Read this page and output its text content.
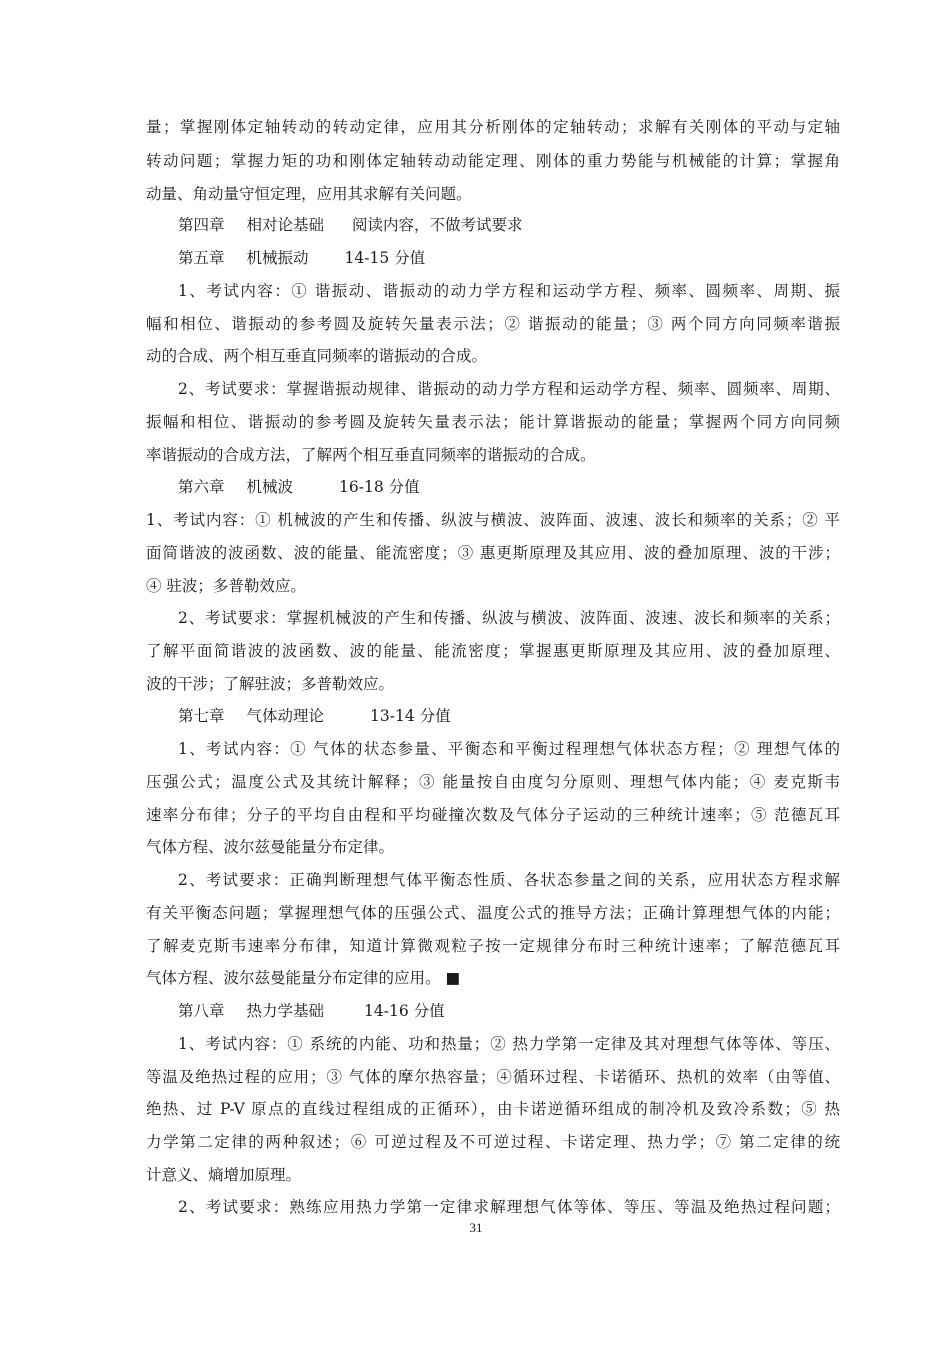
量；掌握刚体定轴转动的转动定律，应用其分析刚体的定轴转动；求解有关刚体的平动与定轴
转动问题；掌握力矩的功和刚体定轴转动动能定理、刚体的重力势能与机械能的计算；掌握角
动量、角动量守恒定理，应用其求解有关问题。
第四章 相对论基础 阅读内容，不做考试要求
第五章 机械振动 14-15 分值
1、考试内容：① 谐振动、谐振动的动力学方程和运动学方程、频率、圆频率、周期、振
幅和相位、谐振动的参考圆及旋转矢量表示法；② 谐振动的能量；③ 两个同方向同频率谐振
动的合成、两个相互垂直同频率的谐振动的合成。
2、考试要求：掌握谐振动规律、谐振动的动力学方程和运动学方程、频率、圆频率、周期、
振幅和相位、谐振动的参考圆及旋转矢量表示法；能计算谐振动的能量；掌握两个同方向同频
率谐振动的合成方法，了解两个相互垂直同频率的谐振动的合成。
第六章 机械波	16-18 分值
1、考试内容：① 机械波的产生和传播、纵波与横波、波阵面、波速、波长和频率的关系；② 平
面简谐波的波函数、波的能量、能流密度；③ 惠更斯原理及其应用、波的叠加原理、波的干涉；
④ 驻波；多普勒效应。
2、考试要求：掌握机械波的产生和传播、纵波与横波、波阵面、波速、波长和频率的关系；
了解平面简谐波的波函数、波的能量、能流密度；掌握惠更斯原理及其应用、波的叠加原理、
波的干涉；了解驻波；多普勒效应。
第七章 气体动理论	13-14 分值
1、考试内容：① 气体的状态参量、平衡态和平衡过程理想气体状态方程；② 理想气体的
压强公式；温度公式及其统计解释；③ 能量按自由度匀分原则、理想气体内能；④ 麦克斯韦
速率分布律；分子的平均自由程和平均碰撞次数及气体分子运动的三种统计速率；⑤ 范德瓦耳
气体方程、波尔兹曼能量分布定律。
2、考试要求：正确判断理想气体平衡态性质、各状态参量之间的关系，应用状态方程求解
有关平衡态问题；掌握理想气体的压强公式、温度公式的推导方法；正确计算理想气体的内能；
了解麦克斯韦速率分布律，知道计算微观粒子按一定规律分布时三种统计速率；了解范德瓦耳
气体方程、波尔兹曼能量分布定律的应用。 ■
第八章 热力学基础	14-16 分值
1、考试内容：① 系统的内能、功和热量；② 热力学第一定律及其对理想气体等体、等压、
等温及绝热过程的应用；③ 气体的摩尔热容量；④循环过程、卡诺循环、热机的效率（由等值、
绝热、过 P-V 原点的直线过程组成的正循环），由卡诺逆循环组成的制冷机及致冷系数；⑤ 热
力学第二定律的两种叙述；⑥ 可逆过程及不可逆过程、卡诺定理、热力学；⑦ 第二定律的统
计意义、熵增加原理。
2、考试要求：熟练应用热力学第一定律求解理想气体等体、等压、等温及绝热过程问题；
31
